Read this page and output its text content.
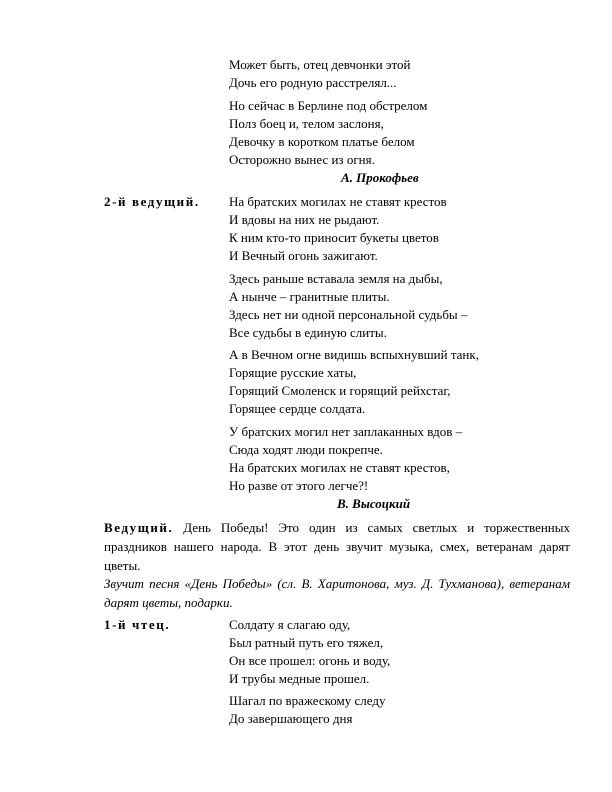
Может быть, отец девчонки этой
Дочь его родную расстрелял...
Но сейчас в Берлине под обстрелом
Полз боец и, телом заслоня,
Девочку в коротком платье белом
Осторожно вынес из огня.
А. Прокофьев
2-й ведущий. На братских могилах не ставят крестов
И вдовы на них не рыдают.
К ним кто-то приносит букеты цветов
И Вечный огонь зажигают.
Здесь раньше вставала земля на дыбы,
А нынче – гранитные плиты.
Здесь нет ни одной персональной судьбы –
Все судьбы в единую слиты.
А в Вечном огне видишь вспыхнувший танк,
Горящие русские хаты,
Горящий Смоленск и горящий рейхстаг,
Горящее сердце солдата.
У братских могил нет заплаканных вдов –
Сюда ходят люди покрепче.
На братских могилах не ставят крестов,
Но разве от этого легче?!
В. Высоцкий
Ведущий. День Победы! Это один из самых светлых и торжественных праздников нашего народа. В этот день звучит музыка, смех, ветеранам дарят цветы.
Звучит песня «День Победы» (сл. В. Харитонова, муз. Д. Тухманова), ветеранам дарят цветы, подарки.
1-й чтец.	Солдату я слагаю оду,
Был ратный путь его тяжел,
Он все прошел: огонь и воду,
И трубы медные прошел.
Шагал по вражескому следу
До завершающего дня
